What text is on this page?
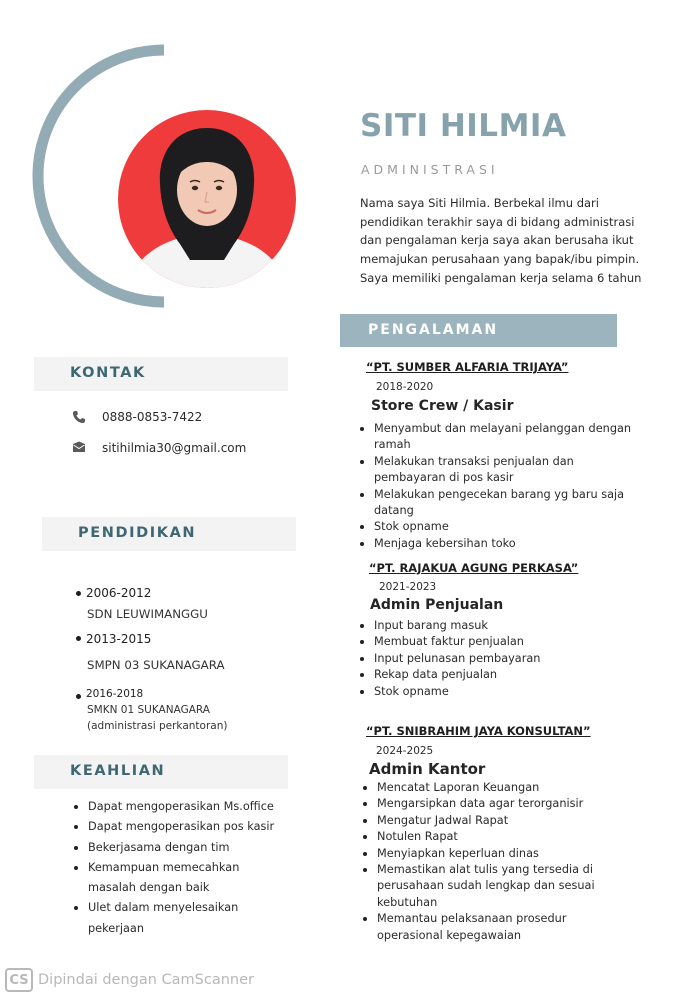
SITI HILMIA
ADMINISTRASI
Nama saya Siti Hilmia. Berbekal ilmu dari pendidikan terakhir saya di bidang administrasi dan pengalaman kerja saya akan berusaha ikut memajukan perusahaan yang bapak/ibu pimpin. Saya memiliki pengalaman kerja selama 6 tahun
PENGALAMAN
“PT. SUMBER ALFARIA TRIJAYA”
2018-2020
Store Crew / Kasir
Menyambut dan melayani pelanggan dengan ramah
Melakukan transaksi penjualan dan pembayaran di pos kasir
Melakukan pengecekan barang yg baru saja datang
Stok opname
Menjaga kebersihan toko
“PT. RAJAKUA AGUNG PERKASA”
2021-2023
Admin Penjualan
Input barang masuk
Membuat faktur penjualan
Input pelunasan pembayaran
Rekap data penjualan
Stok opname
“PT. SNIBRAHIM JAYA KONSULTAN”
2024-2025
Admin Kantor
Mencatat Laporan Keuangan
Mengarsipkan data agar terorganisir
Mengatur Jadwal Rapat
Notulen Rapat
Menyiapkan keperluan dinas
Memastikan alat tulis yang tersedia di perusahaan sudah lengkap dan sesuai kebutuhan
Memantau pelaksanaan prosedur operasional kepegawaian
KONTAK
0888-0853-7422
sitihilmia30@gmail.com
PENDIDIKAN
2006-2012
SDN LEUWIMANGGU
2013-2015
SMPN 03 SUKANAGARA
2016-2018
SMKN 01 SUKANAGARA
(administrasi perkantoran)
KEAHLIAN
Dapat mengoperasikan Ms.office
Dapat mengoperasikan pos kasir
Bekerjasama dengan tim
Kemampuan memecahkan masalah dengan baik
Ulet dalam menyelesaikan pekerjaan
CS Dipindai dengan CamScanner
